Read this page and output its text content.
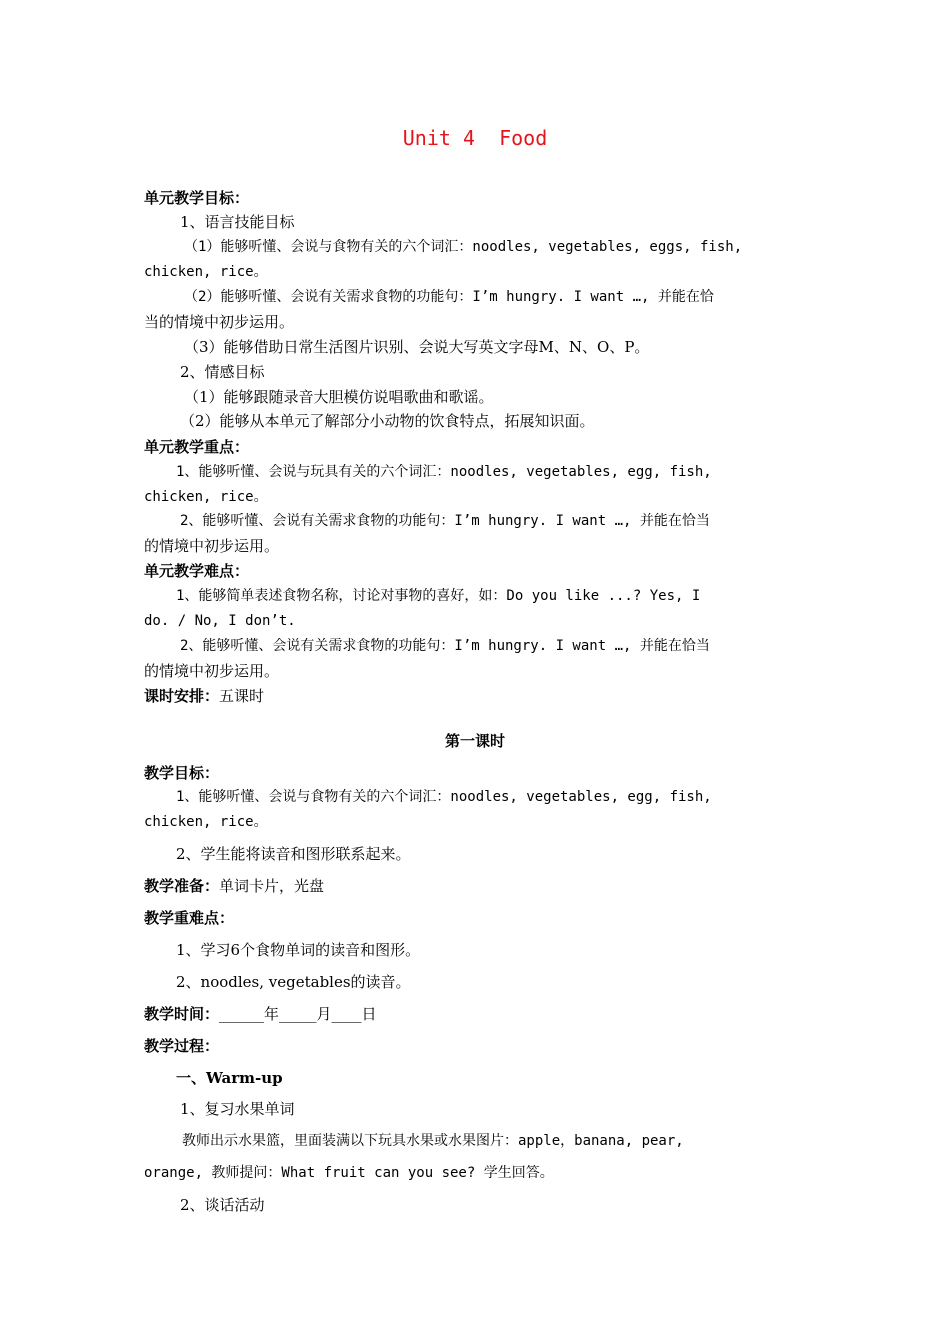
Unit 4  Food
单元教学目标：
1、语言技能目标
（1）能够听懂、会说与食物有关的六个词汇：noodles, vegetables, eggs, fish,
chicken, rice。
（2）能够听懂、会说有关需求食物的功能句：I’m hungry. I want …, 并能在恰
当的情境中初步运用。
（3）能够借助日常生活图片识别、会说大写英文字母M、N、O、P。
2、情感目标
（1）能够跟随录音大胆模仿说唱歌曲和歌谣。
（2）能够从本单元了解部分小动物的饮食特点，拓展知识面。
单元教学重点：
1、能够听懂、会说与玩具有关的六个词汇：noodles, vegetables, egg, fish,
chicken, rice。
2、能够听懂、会说有关需求食物的功能句：I’m hungry. I want …, 并能在恰当
的情境中初步运用。
单元教学难点：
1、能够简单表述食物名称，讨论对事物的喜好，如：Do you like ...? Yes, I
do. / No, I don’t.
2、能够听懂、会说有关需求食物的功能句：I’m hungry. I want …, 并能在恰当
的情境中初步运用。
课时安排：五课时
第一课时
教学目标：
1、能够听懂、会说与食物有关的六个词汇：noodles, vegetables, egg, fish,
chicken, rice。
2、学生能将读音和图形联系起来。
教学准备：单词卡片，光盘
教学重难点：
1、学习6个食物单词的读音和图形。
2、noodles, vegetables的读音。
教学时间：______年_____月____日
教学过程：
一、Warm-up
1、复习水果单词
教师出示水果篮，里面装满以下玩具水果或水果图片：apple，banana, pear,
orange, 教师提问：What fruit can you see? 学生回答。
2、谈话活动
